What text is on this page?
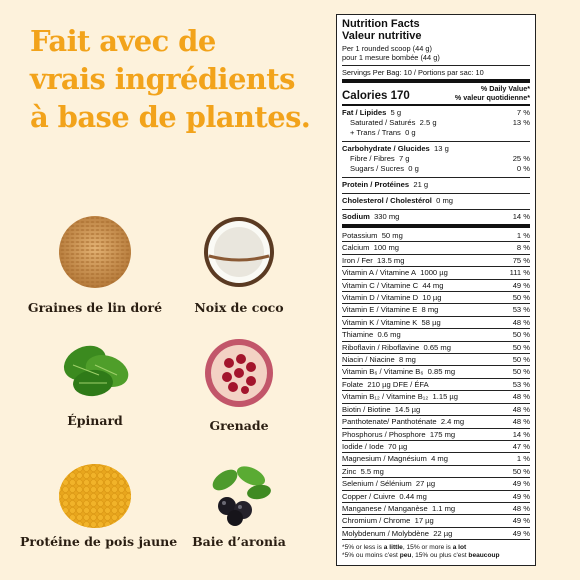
Fait avec de
vrais ingrédients
à base de plantes.
Graines de lin doré	Noix de coco
Épinard	Grenade
Protéine de pois jaune	Baie d’aronia
Nutrition Facts
Valeur nutritive
Per 1 rounded scoop (44 g)
pour 1 mesure bombée (44 g)
Servings Per Bag: 10 / Portions par sac: 10
Calories 170
% Daily Value*
% valeur quotidienne*
Fat / Lipides 5 g	7 %
Saturated / Saturés 2.5 g	13 %
+ Trans / Trans 0 g
Carbohydrate / Glucides 13 g
Fibre / Fibres 7 g	25 %
Sugars / Sucres 0 g	0 %
Protein / Protéines 21 g
Cholesterol / Cholestérol 0 mg
Sodium 330 mg	14 %
Potassium 50 mg	1 %
Calcium 100 mg	8 %
Iron / Fer 13.5 mg	75 %
Vitamin A / Vitamine A 1000 µg	111 %
Vitamin C / Vitamine C 44 mg	49 %
Vitamin D / Vitamine D 10 µg	50 %
Vitamin E / Vitamine E 8 mg	53 %
Vitamin K / Vitamine K 58 µg	48 %
Thiamine 0.6 mg	50 %
Riboflavin / Riboflavine 0.65 mg	50 %
Niacin / Niacine 8 mg	50 %
Vitamin B₆ / Vitamine B₆ 0.85 mg	50 %
Folate 210 µg DFE / ÉFA	53 %
Vitamin B₁₂ / Vitamine B₁₂ 1.15 µg	48 %
Biotin / Biotine 14.5 µg	48 %
Panthotenate/ Panthoténate 2.4 mg	48 %
Phosphorus / Phosphore 175 mg	14 %
Iodide / Iode 70 µg	47 %
Magnesium / Magnésium 4 mg	1 %
Zinc 5.5 mg	50 %
Selenium / Sélénium 27 µg	49 %
Copper / Cuivre 0.44 mg	49 %
Manganese / Manganèse 1.1 mg	48 %
Chromium / Chrome 17 µg	49 %
Molybdenum / Molybdène 22 µg	49 %
*5% or less is a little, 15% or more is a lot
*5% ou moins c'est peu, 15% ou plus c'est beaucoup
